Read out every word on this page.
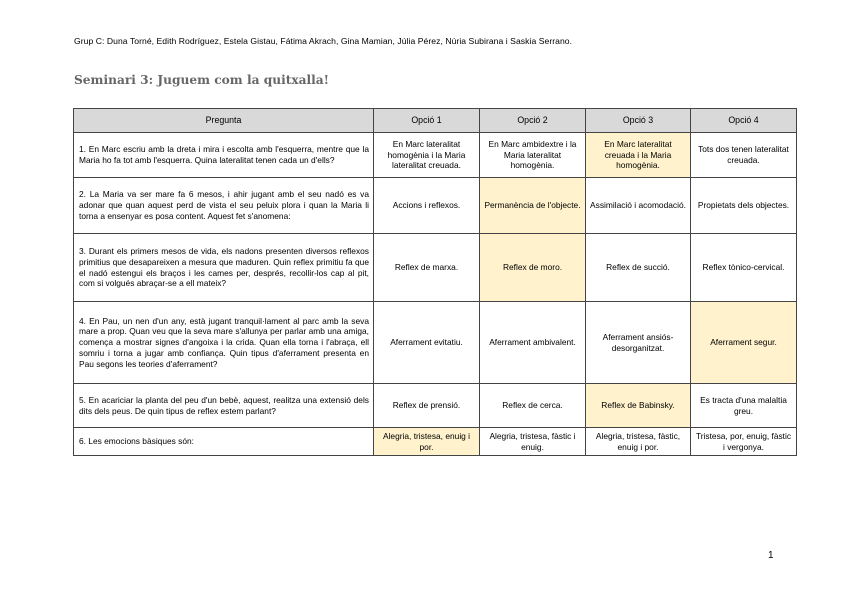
Grup C: Duna Torné, Edith Rodríguez, Estela Gistau, Fátima Akrach, Gina Mamian, Júlia Pérez, Núria Subirana i Saskia Serrano.
Seminari 3: Juguem com la quitxalla!
Pregunta	Opció 1	Opció 2	Opció 3	Opció 4
1. En Marc escriu amb la dreta i mira i escolta amb l'esquerra, mentre que la Maria ho fa tot amb l'esquerra. Quina lateralitat tenen cada un d'ells?	En Marc lateralitat homogènia i la Maria lateralitat creuada.	En Marc ambidextre i la Maria lateralitat homogènia.	En Marc lateralitat creuada i la Maria homogènia.	Tots dos tenen lateralitat creuada.
2. La Maria va ser mare fa 6 mesos, i ahir jugant amb el seu nadó es va adonar que quan aquest perd de vista el seu peluix plora i quan la Maria li torna a ensenyar es posa content. Aquest fet s'anomena:	Accions i reflexos.	Permanència de l'objecte.	Assimilació i acomodació.	Propietats dels objectes.
3. Durant els primers mesos de vida, els nadons presenten diversos reflexos primitius que desapareixen a mesura que maduren. Quin reflex primitiu fa que el nadó estengui els braços i les cames per, després, recollir-los cap al pit, com si volgués abraçar-se a ell mateix?	Reflex de marxa.	Reflex de moro.	Reflex de succió.	Reflex tònico-cervical.
4. En Pau, un nen d'un any, està jugant tranquil·lament al parc amb la seva mare a prop. Quan veu que la seva mare s'allunya per parlar amb una amiga, comença a mostrar signes d'angoixa i la crida. Quan ella torna i l'abraça, ell somriu i torna a jugar amb confiança. Quin tipus d'aferrament presenta en Pau segons les teories d'aferrament?	Aferrament evitatiu.	Aferrament ambivalent.	Aferrament ansiós-desorganitzat.	Aferrament segur.
5. En acariciar la planta del peu d'un bebè, aquest, realitza una extensió dels dits dels peus. De quin tipus de reflex estem parlant?	Reflex de prensió.	Reflex de cerca.	Reflex de Babinsky.	Es tracta d'una malaltia greu.
6. Les emocions bàsiques són:	Alegria, tristesa, enuig i por.	Alegria, tristesa, fàstic i enuig.	Alegria, tristesa, fàstic, enuig i por.	Tristesa, por, enuig, fàstic i vergonya.
1
